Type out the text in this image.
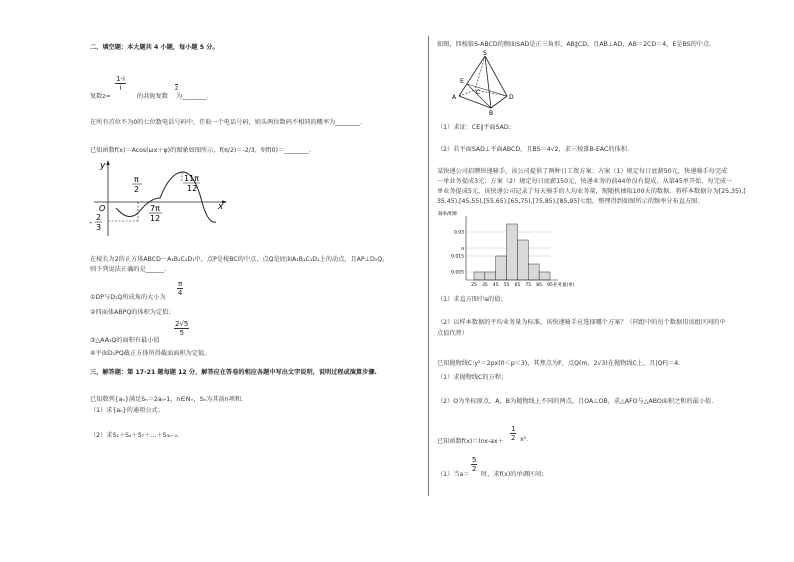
二、填空题：本大题共 4 小题，每小题 5 分。
$\frac{1-i}{i}$
复数z=	的共轭复数
z
为________.
在所有首位不为0的七位数电话号码中，任取一个电话号码，则头两位数码不相同的概率为________.
已知函数f(x)＝Acos(ωx＋φ)的图象如图所示，f(π/2)＝-2/3，则f(0)＝________.
y
x
O
π
2
7π
12
11π
12
-
2
3
在棱长为2的正方体ABCD－A₁B₁C₁D₁中，点P是棱BC的中点，点Q是底面A₁B₁C₁D₁上的动点，且AP⊥D₁Q，
则下列说法正确的是______.
$\frac{\pi}{4}$
①DP与D₁Q所成角的大小为
②四面体ABPQ的体积为定值；
$\frac{2√5}{5}$
③△AA₁Q的面积有最小值
④平面D₁PQ截正方体所得截面面积为定值。
三、解答题：第 17-21 题每题 12 分，解答应在答卷的相应各题中写出文字说明，说明过程或演算步骤.
已知数列{aₙ}满足Sₙ＝2aₙ-1，n∈N₊，Sₙ为其前n项和.
（1）求{aₙ}的通项公式；
（2）求S₁＋S₄＋S₇＋…＋S₃ₙ₋₂.
如图，四棱锥S-ABCD的侧面SAD是正三角形，AB∥CD，且AB⊥AD，AB＝2CD＝4，E是BS的中点.
S
A
B
D
C
E
（1）求证：CE∥平面SAD；
（2）若平面SAD⊥平面ABCD，且BS＝4√2，求三棱锥B-EAC的体积.
某快递公司招聘快递骑手，该公司提供了两种日工资方案：方案（1）规定每日底薪50元，快递骑手每完成
一单业务提成3元；方案（2）规定每日底薪150元，快递业务的前44单没有提成，从第45单开始，每完成一
单业务提成5元，该快递公司记录了每天骑手的人均业务量，现随机抽取100天的数据，将样本数据分为[25,35),[
35,45),[45,55),[55,65),[65,75),[75,85),[85,95]七组，整理得到如图所示的频率分布直方图.
频率/组距
业务量(单)
0.005
0.015
a
0.03
25 35 45 55 65 75 85 95
（1）求直方图中a的值；
（2）以样本数据的平均业务量为标准，该快递骑手应选择哪个方案？（同组中的每个数据用该组区间的中
点值代替）
已知抛物线C:y²＝2px(0＜p＜3)，其焦点为F，点Q(m，2√3)在抛物线C上，且|QF|＝4.
（1）求抛物线C的方程；
（2）O为坐标原点，A，B为抛物线上不同的两点，且OA⊥OB，求△AFO与△ABO面积之和的最小值.
$\frac{1}{2}$
已知函数f(x)＝lnx-ax＋	x².
$\frac{5}{2}$
（1）当a＝ 时，求f(x)的单调区间；
